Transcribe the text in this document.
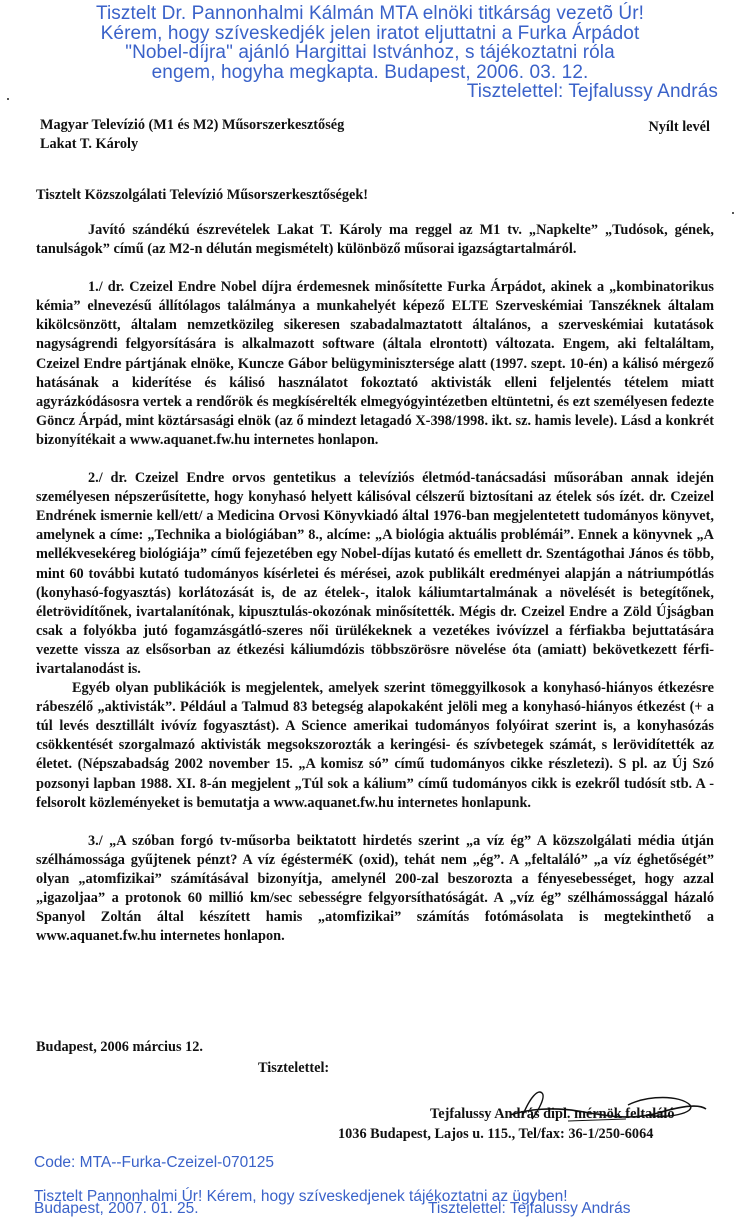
Tisztelt Dr. Pannonhalmi Kálmán MTA elnöki titkárság vezetõ Úr!
Kérem, hogy szíveskedjék jelen iratot eljuttatni a Furka Árpádot
"Nobel-díjra" ajánló Hargittai Istvánhoz, s tájékoztatni róla
engem, hogyha megkapta. Budapest, 2006. 03. 12.
Tisztelettel: Tejfalussy András
Magyar Televízió (M1 és M2) Műsorszerkesztőség
Lakat T. Károly
Nyílt levél
Tisztelt Közszolgálati Televízió Műsorszerkesztőségek!

Javító szándékú észrevételek Lakat T. Károly ma reggel az M1 tv. „Napkelte” „Tudósok, gének, tanulságok” című (az M2-n délután megismételt) különböző műsorai igazságtartalmáról.

1./ dr. Czeizel Endre Nobel díjra érdemesnek minősítette Furka Árpádot, akinek a „kombinatorikus kémia” elnevezésű állítólagos találmánya a munkahelyét képező ELTE Szerveskémiai Tanszéknek általam kikölcsönzött, általam nemzetközileg sikeresen szabadalmaztatott általános, a szerveskémiai kutatások nagyságrendi felgyorsítására is alkalmazott software (általa elrontott) változata. Engem, aki feltaláltam, Czeizel Endre pártjának elnöke, Kuncze Gábor belügyminisztersége alatt (1997. szept. 10-én) a kálisó mérgező hatásának a kiderítése és kálisó használatot fokoztató aktivisták elleni feljelentés tételem miatt agyrázkódásosra vertek a rendőrök és megkísérelték elmegyógyintézetben eltüntetni, és ezt személyesen fedezte Göncz Árpád, mint köztársasági elnök (az ő mindezt letagadó X-398/1998. ikt. sz. hamis levele). Lásd a konkrét bizonyítékait a www.aquanet.fw.hu internetes honlapon.

2./ dr. Czeizel Endre orvos gentetikus a televíziós életmód-tanácsadási műsorában annak idején személyesen népszerűsítette, hogy konyhasó helyett kálisóval célszerű biztosítani az ételek sós ízét. dr. Czeizel Endrének ismernie kell/ett/ a Medicina Orvosi Könyvkiadó által 1976-ban megjelentetett tudományos könyvet, amelynek a címe: „Technika a biológiában” 8., alcíme: „A biológia aktuális problémái”. Ennek a könyvnek „A mellékvesekéreg biológiája” című fejezetében egy Nobel-díjas kutató és emellett dr. Szentágothai János és több, mint 60 további kutató tudományos kísérletei és mérései, azok publikált eredményei alapján a nátriumpótlás (konyhasó-fogyasztás) korlátozását is, de az ételek-, italok káliumtartalmának a növelését is betegítőnek, életrövidítőnek, ivartalanítónak, kipusztulás-okozónak minősítették. Mégis dr. Czeizel Endre a Zöld Újságban csak a folyókba jutó fogamzásgátló-szeres női ürülékeknek a vezetékes ivóvízzel a férfiakba bejuttatására vezette vissza az elsősorban az étkezési káliumdózis többszörösre növelése óta (amiatt) bekövetkezett férfi-ivartalanodást is.

Egyéb olyan publikációk is megjelentek, amelyek szerint tömeggyilkosok a konyhasó-hiányos étkezésre rábeszélő „aktivisták”. Például a Talmud 83 betegség alapokaként jelöli meg a konyhasó-hiányos étkezést (+ a túl levés desztillált ivóvíz fogyasztást). A Science amerikai tudományos folyóirat szerint is, a konyhasózás csökkentését szorgalmazó aktivisták megsokszorozták a keringési- és szívbetegek számát, s lerövidítették az életet. (Népszabadság 2002 november 15. „A komisz só” című tudományos cikke részletezi). S pl. az Új Szó pozsonyi lapban 1988. XI. 8-án megjelent „Túl sok a kálium” című tudományos cikk is ezekről tudósít stb. A -felsorolt közleményeket is bemutatja a www.aquanet.fw.hu internetes honlapunk.

3./ „A szóban forgó tv-műsorba beiktatott hirdetés szerint „a víz ég” A közszolgálati média útján szélhámossága gyűjtenek pénzt? A víz égésterméK (oxid), tehát nem „ég”. A „feltaláló” „a víz éghetőségét” olyan „atomfizikai” számításával bizonyítja, amelynél 200-zal beszorozta a fényesebességet, hogy azzal „igazoljaa” a protonok 60 millió km/sec sebességre felgyorsíthatóságát. A „víz ég” szélhámossággal házaló Spanyol Zoltán által készített hamis „atomfizikai” számítás fotómásolata is megtekinthető a www.aquanet.fw.hu internetes honlapon.

Budapest, 2006 március 12.
Tisztelettel:
Tejfalussy András dipl. mérnök feltaláló
1036 Budapest, Lajos u. 115., Tel/fax: 36-1/250-6064
Code: MTA--Furka-Czeizel-070125
Tisztelt Pannonhalmi Úr! Kérem, hogy szíveskedjenek tájékoztatni az ügyben!
Budapest, 2007. 01. 25.	Tisztelettel: Tejfalussy András
